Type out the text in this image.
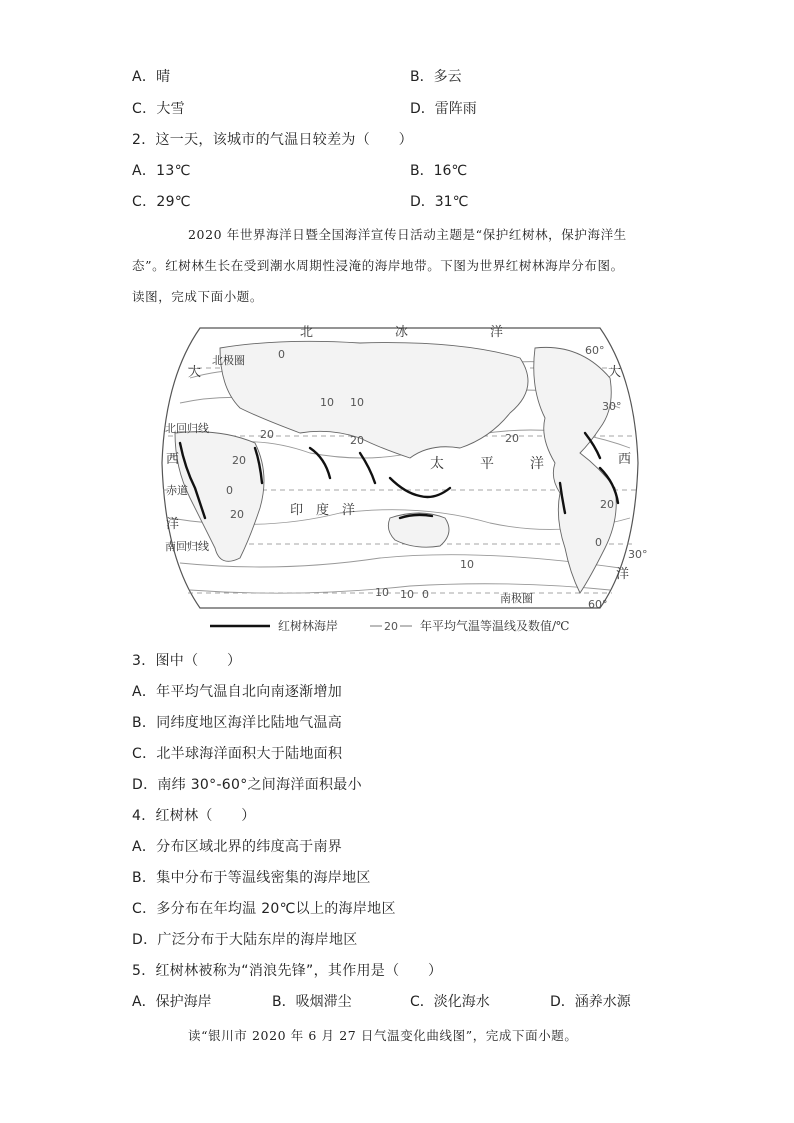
A．晴	B．多云
C．大雪	D．雷阵雨
2．这一天，该城市的气温日较差为（　　）
A．13℃	B．16℃
C．29℃	D．31℃
2020 年世界海洋日暨全国海洋宣传日活动主题是“保护红树林，保护海洋生
态”。红树林生长在受到潮水周期性浸淹的海岸地带。下图为世界红树林海岸分布图。
读图，完成下面小题。
北	冰	洋
北极圈
大	大
北回归线
西	西
赤道
洋
洋
南回归线
印　度　洋
太	平	洋
南极圈
60°
30°
30°
60°
10
0
10
20
20
20
20
0
20
20
10
10	0
10
0
红树林海岸	20 年平均气温等温线及数值/℃
3．图中（　　）
A．年平均气温自北向南逐渐增加
B．同纬度地区海洋比陆地气温高
C．北半球海洋面积大于陆地面积
D．南纬 30°-60°之间海洋面积最小
4．红树林（　　）
A．分布区域北界的纬度高于南界
B．集中分布于等温线密集的海岸地区
C．多分布在年均温 20℃以上的海岸地区
D．广泛分布于大陆东岸的海岸地区
5．红树林被称为“消浪先锋”，其作用是（　　）
A．保护海岸	B．吸烟滞尘	C．淡化海水	D．涵养水源
读“银川市 2020 年 6 月 27 日气温变化曲线图”，完成下面小题。
